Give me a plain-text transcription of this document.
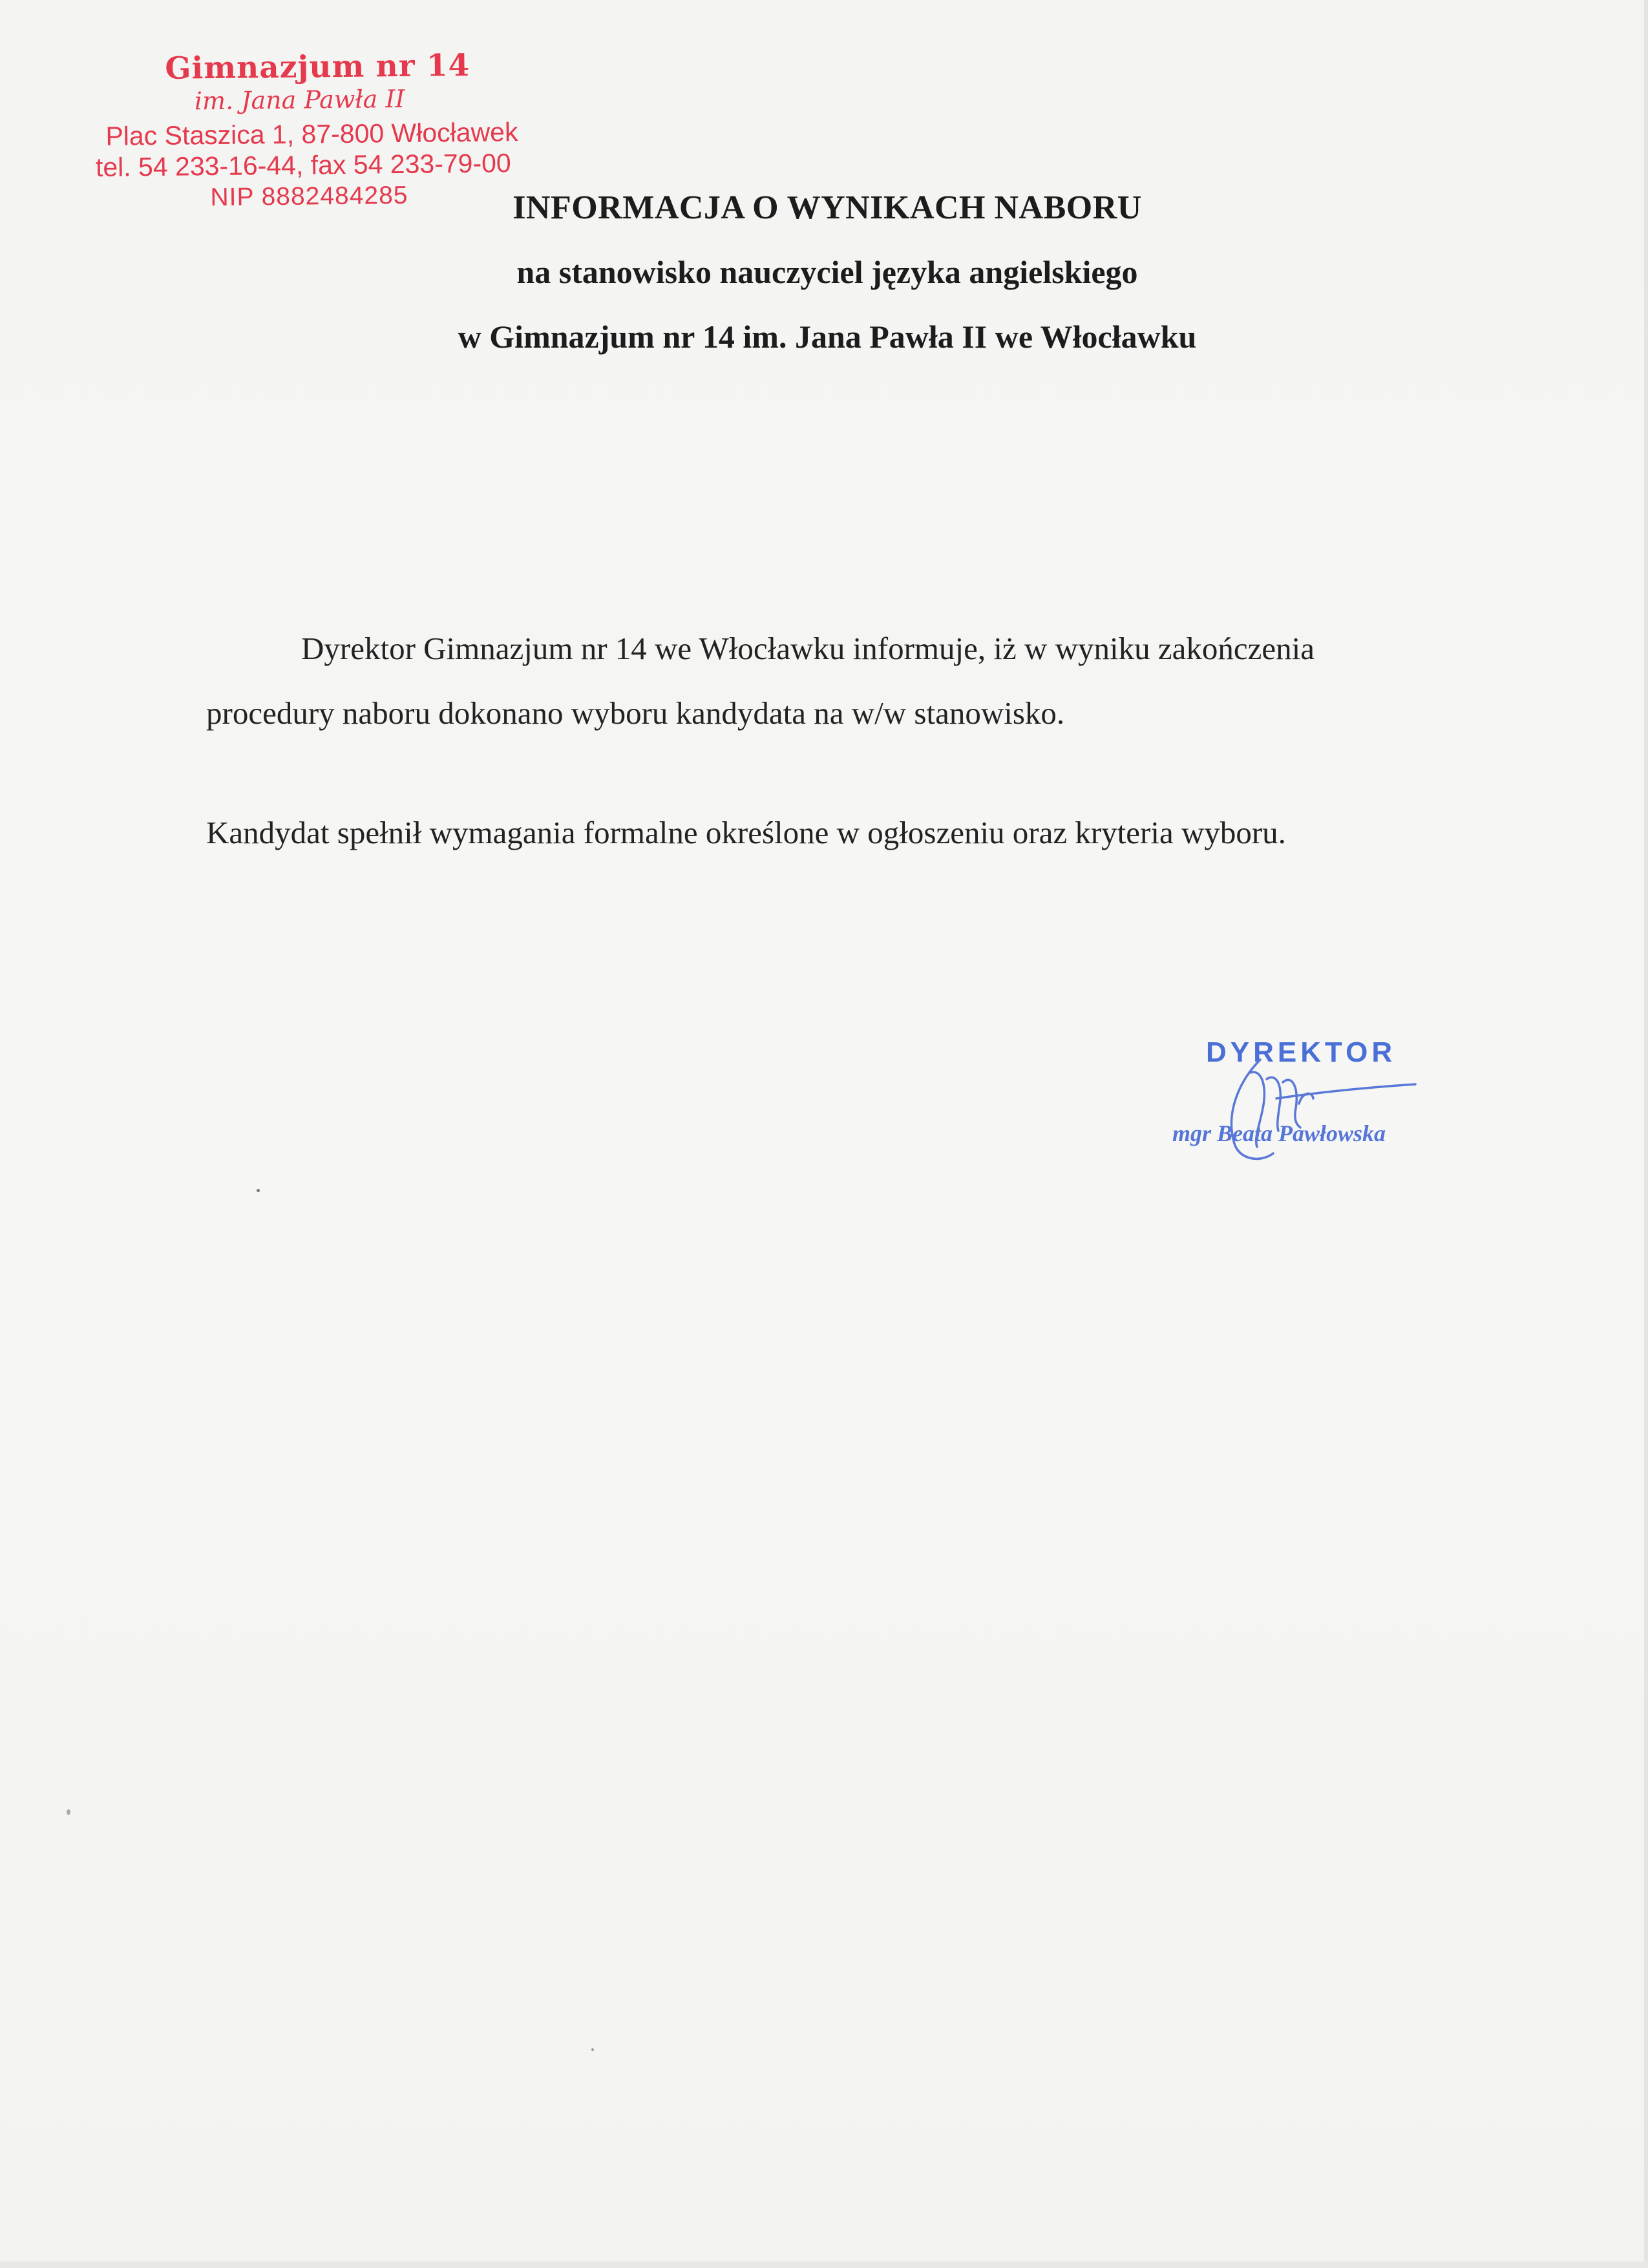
Gimnazjum nr 14
im. Jana Pawła II
Plac Staszica 1, 87-800 Włocławek
tel. 54 233-16-44, fax 54 233-79-00
NIP 8882484285	INFORMACJA O WYNIKACH NABORU
na stanowisko nauczyciel języka angielskiego
w Gimnazjum nr 14 im. Jana Pawła II we Włocławku
Dyrektor Gimnazjum nr 14 we Włocławku informuje, iż w wyniku zakończenia
procedury naboru dokonano wyboru kandydata na w/w stanowisko.
Kandydat spełnił wymagania formalne określone w ogłoszeniu oraz kryteria wyboru.
DYREKTOR
mgr Beata Pawłowska
